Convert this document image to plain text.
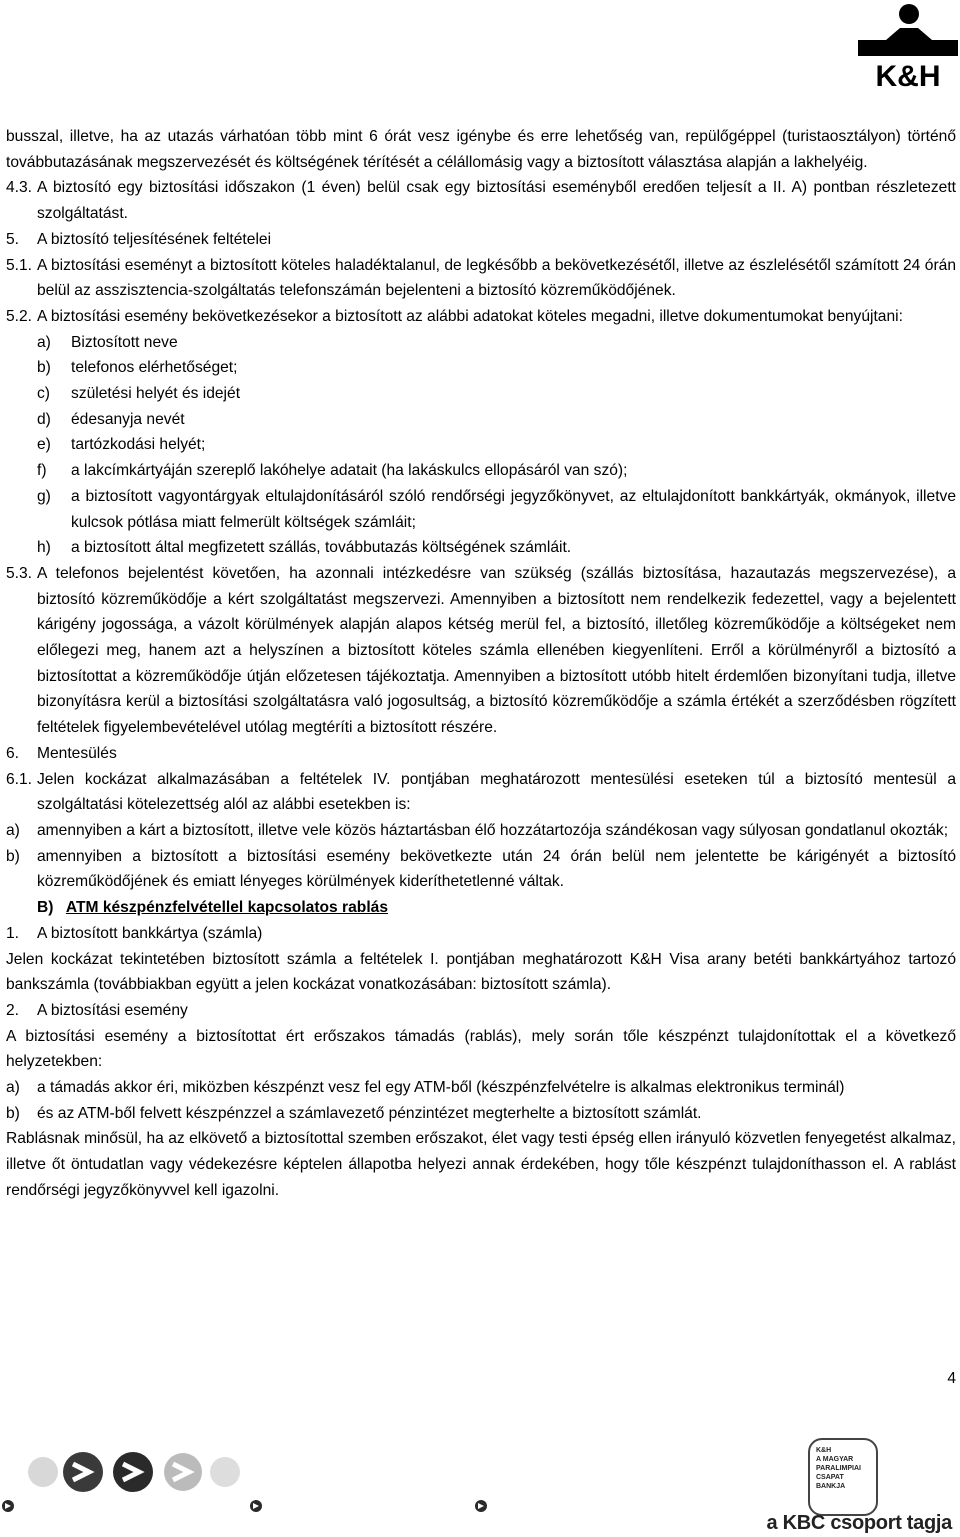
K&H

busszal, illetve, ha az utazás várhatóan több mint 6 órát vesz igénybe és erre lehetőség van, repülőgéppel (turistaosztályon) történő továbbutazásának megszervezését és költségének térítését a célállomásig vagy a biztosított választása alapján a lakhelyéig.

4.3. A biztosító egy biztosítási időszakon (1 éven) belül csak egy biztosítási eseményből eredően teljesít a II. A) pontban részletezett szolgáltatást.
5.	A biztosító teljesítésének feltételei
5.1. A biztosítási eseményt a biztosított köteles haladéktalanul, de legkésőbb a bekövetkezésétől, illetve az észlelésétől számított 24 órán belül az asszisztencia-szolgáltatás telefonszámán bejelenteni a biztosító közreműködőjének.
5.2. A biztosítási esemény bekövetkezésekor a biztosított az alábbi adatokat köteles megadni, illetve dokumentumokat benyújtani:
a)	Biztosított neve
b)	telefonos elérhetőséget;
c)	születési helyét és idejét
d)	édesanyja nevét
e)	tartózkodási helyét;
f)	a lakcímkártyáján szereplő lakóhelye adatait (ha lakáskulcs ellopásáról van szó);
g)	a biztosított vagyontárgyak eltulajdonításáról szóló rendőrségi jegyzőkönyvet, az eltulajdonított bankkártyák, okmányok, illetve kulcsok pótlása miatt felmerült költségek számláit;
h)	a biztosított által megfizetett szállás, továbbutazás költségének számláit.
5.3. A telefonos bejelentést követően, ha azonnali intézkedésre van szükség (szállás biztosítása, hazautazás megszervezése), a biztosító közreműködője a kért szolgáltatást megszervezi. Amennyiben a biztosított nem rendelkezik fedezettel, vagy a bejelentett kárigény jogossága, a vázolt körülmények alapján alapos kétség merül fel, a biztosító, illetőleg közreműködője a költségeket nem előlegezi meg, hanem azt a helyszínen a biztosított köteles számla ellenében kiegyenlíteni. Erről a körülményről a biztosító a biztosítottat a közreműködője útján előzetesen tájékoztatja. Amennyiben a biztosított utóbb hitelt érdemlően bizonyítani tudja, illetve bizonyításra kerül a biztosítási szolgáltatásra való jogosultság, a biztosító közreműködője a számla értékét a szerződésben rögzített feltételek figyelembevételével utólag megtéríti a biztosított részére.
6.	Mentesülés
6.1. Jelen kockázat alkalmazásában a feltételek IV. pontjában meghatározott mentesülési eseteken túl a biztosító mentesül a szolgáltatási kötelezettség alól az alábbi esetekben is:
a)	amennyiben a kárt a biztosított, illetve vele közös háztartásban élő hozzátartozója szándékosan vagy súlyosan gondatlanul okozták;
b)	amennyiben a biztosított a biztosítási esemény bekövetkezte után 24 órán belül nem jelentette be kárigényét a biztosító közreműködőjének és emiatt lényeges körülmények kideríthetetlenné váltak.
B) ATM készpénzfelvétellel kapcsolatos rablás
1.	A biztosított bankkártya (számla)

Jelen kockázat tekintetében biztosított számla a feltételek I. pontjában meghatározott K&H Visa arany betéti bankkártyához tartozó bankszámla (továbbiakban együtt a jelen kockázat vonatkozásában: biztosított számla).

2.	A biztosítási esemény

A biztosítási esemény a biztosítottat ért erőszakos támadás (rablás), mely során tőle készpénzt tulajdonítottak el a következő helyzetekben:

a)	a támadás akkor éri, miközben készpénzt vesz fel egy ATM-ből (készpénzfelvételre is alkalmas elektronikus terminál)
b)	és az ATM-ből felvett készpénzzel a számlavezető pénzintézet megterhelte a biztosított számlát.

Rablásnak minősül, ha az elkövető a biztosítottal szemben erőszakot, élet vagy testi épség ellen irányuló közvetlen fenyegetést alkalmaz, illetve őt öntudatlan vagy védekezésre képtelen állapotba helyezi annak érdekében, hogy tőle készpénzt tulajdoníthasson el. A rablást rendőrségi jegyzőkönyvvel kell igazolni.

4
K&H
A MAGYAR
PARALIMPIAI
CSAPAT BANKJA
a KBC csoport tagja
